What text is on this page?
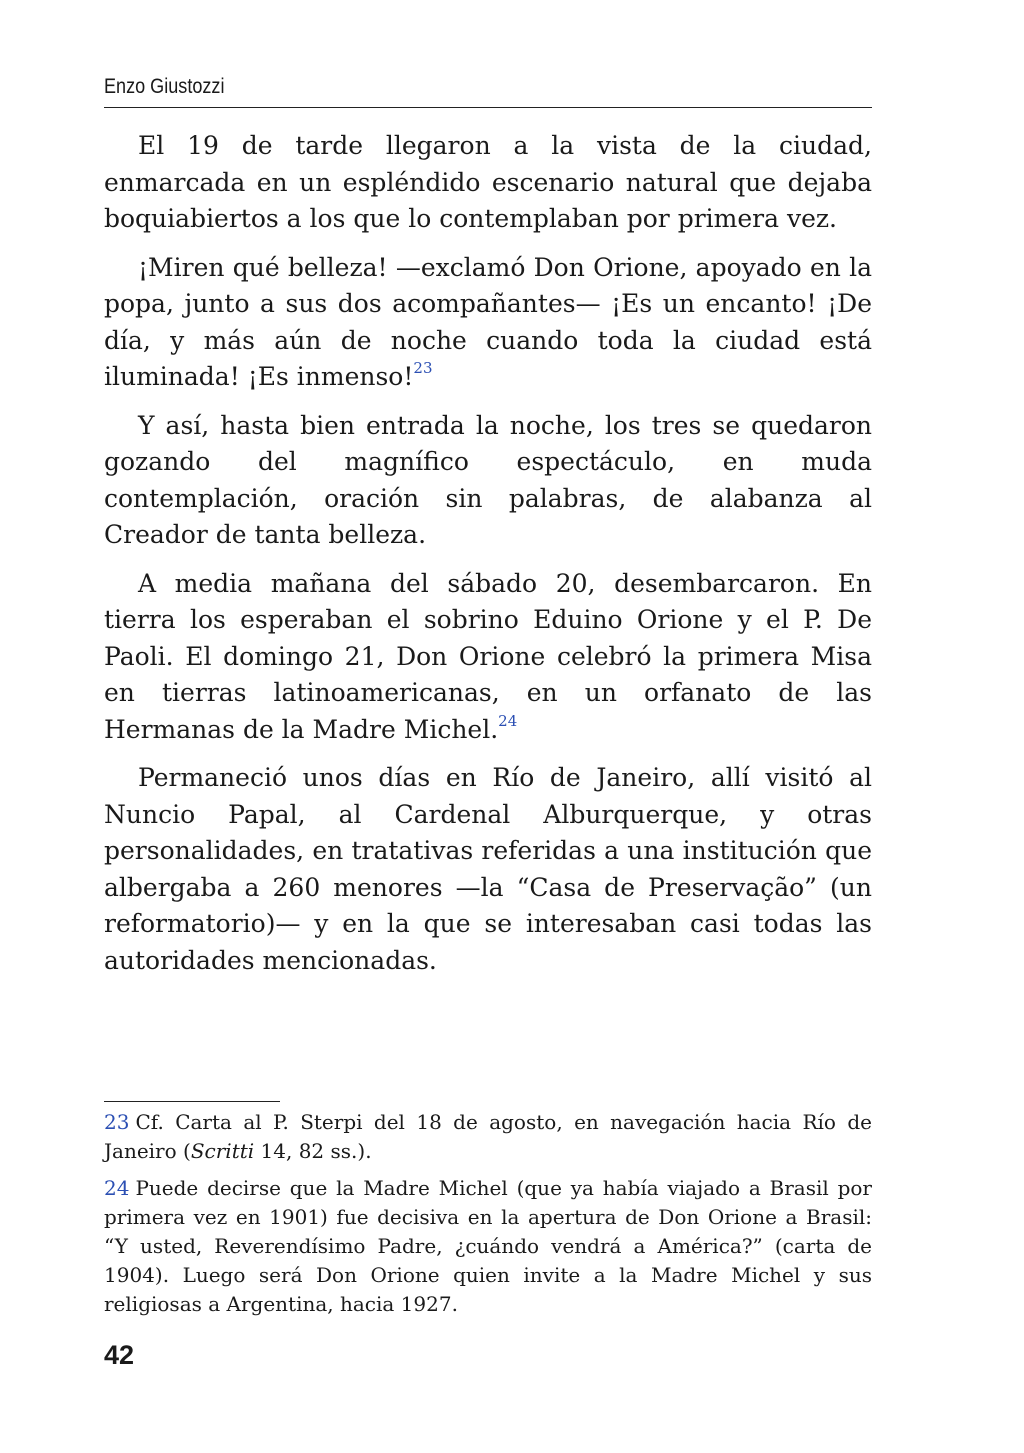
Enzo Giustozzi

El 19 de tarde llegaron a la vista de la ciudad, enmarcada en un espléndido escenario natural que dejaba boquiabiertos a los que lo contemplaban por primera vez.

¡Miren qué belleza! —exclamó Don Orione, apoyado en la popa, junto a sus dos acompañantes— ¡Es un encanto! ¡De día, y más aún de noche cuando toda la ciudad está iluminada! ¡Es inmenso!$^{23}$

Y así, hasta bien entrada la noche, los tres se quedaron gozando del magnífico espectáculo, en muda contemplación, oración sin palabras, de alabanza al Creador de tanta belleza.

A media mañana del sábado 20, desembarcaron. En tierra los esperaban el sobrino Eduino Orione y el P. De Paoli. El domingo 21, Don Orione celebró la primera Misa en tierras latinoamericanas, en un orfanato de las Hermanas de la Madre Michel.$^{24}$

Permaneció unos días en Río de Janeiro, allí visitó al Nuncio Papal, al Cardenal Alburquerque, y otras personalidades, en tratativas referidas a una institución que albergaba a 260 menores —la “Casa de Preservação” (un reformatorio)— y en la que se interesaban casi todas las autoridades mencionadas.

23 Cf. Carta al P. Sterpi del 18 de agosto, en navegación hacia Río de Janeiro (Scritti 14, 82 ss.).
24 Puede decirse que la Madre Michel (que ya había viajado a Brasil por primera vez en 1901) fue decisiva en la apertura de Don Orione a Brasil: “Y usted, Reverendísimo Padre, ¿cuándo vendrá a América?” (carta de 1904). Luego será Don Orione quien invite a la Madre Michel y sus religiosas a Argentina, hacia 1927.
42
